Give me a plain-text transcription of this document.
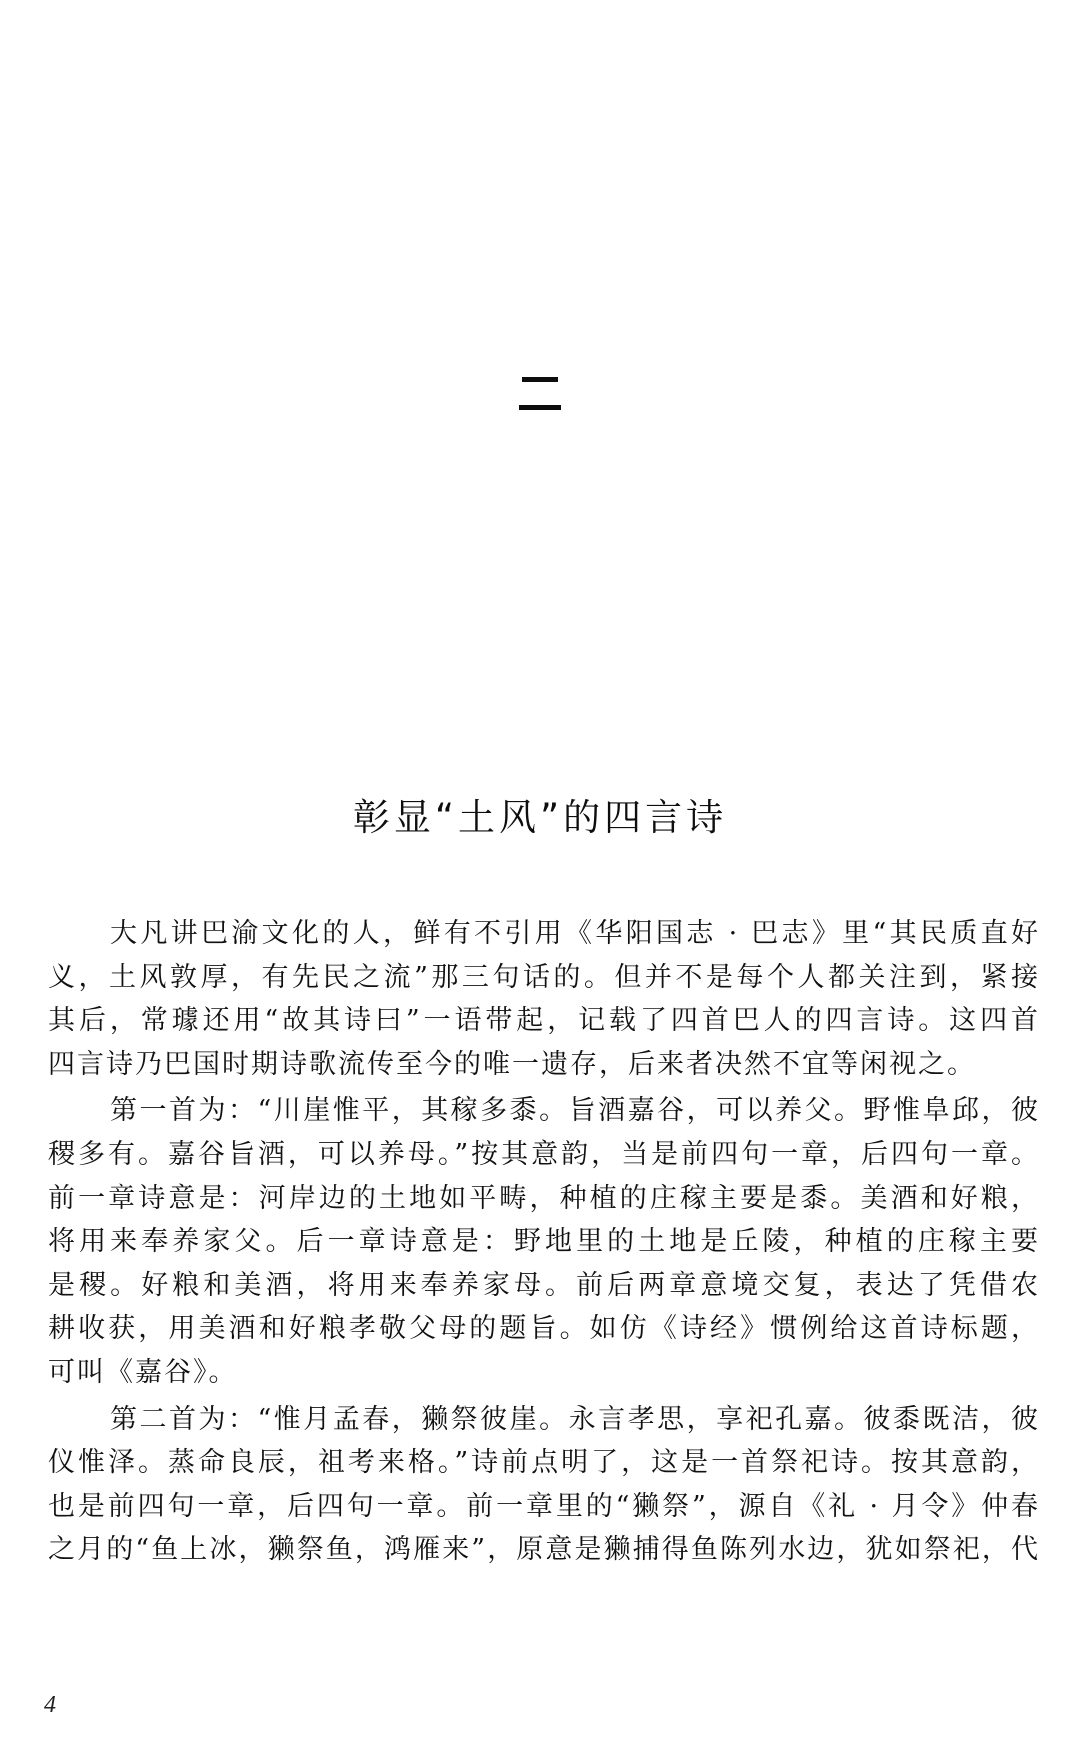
彰显“土风”的四言诗
大凡讲巴渝文化的人，鲜有不引用《华阳国志 · 巴志》里“其民质直好
义，土风敦厚，有先民之流”那三句话的。但并不是每个人都关注到，紧接
其后，常璩还用“故其诗曰”一语带起，记载了四首巴人的四言诗。这四首
四言诗乃巴国时期诗歌流传至今的唯一遗存，后来者决然不宜等闲视之。
第一首为：“川崖惟平，其稼多黍。旨酒嘉谷，可以养父。野惟阜邱，彼
稷多有。嘉谷旨酒，可以养母。”按其意韵，当是前四句一章，后四句一章。
前一章诗意是：河岸边的土地如平畴，种植的庄稼主要是黍。美酒和好粮，
将用来奉养家父。后一章诗意是：野地里的土地是丘陵，种植的庄稼主要
是稷。好粮和美酒，将用来奉养家母。前后两章意境交复，表达了凭借农
耕收获，用美酒和好粮孝敬父母的题旨。如仿《诗经》惯例给这首诗标题，
可叫《嘉谷》。
第二首为：“惟月孟春，獭祭彼崖。永言孝思，享祀孔嘉。彼黍既洁，彼
仪惟泽。蒸命良辰，祖考来格。”诗前点明了，这是一首祭祀诗。按其意韵，
也是前四句一章，后四句一章。前一章里的“獭祭”，源自《礼 · 月令》仲春
之月的“鱼上冰，獭祭鱼，鸿雁来”，原意是獭捕得鱼陈列水边，犹如祭祀，代
4
